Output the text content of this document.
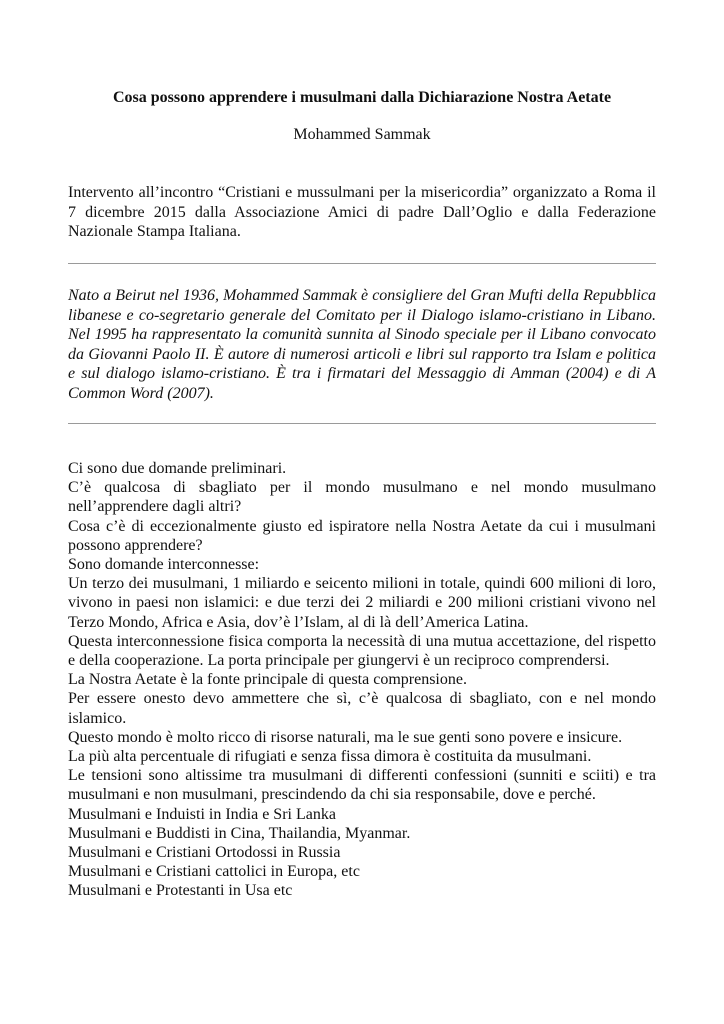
Cosa possono apprendere i musulmani dalla Dichiarazione Nostra Aetate
Mohammed Sammak

Intervento all’incontro “Cristiani e mussulmani per la misericordia” organizzato a Roma il 7 dicembre 2015 dalla Associazione Amici di padre Dall’Oglio e dalla Federazione Nazionale Stampa Italiana.

Nato a Beirut nel 1936, Mohammed Sammak è consigliere del Gran Mufti della Repubblica libanese e co-segretario generale del Comitato per il Dialogo islamo-cristiano in Libano. Nel 1995 ha rappresentato la comunità sunnita al Sinodo speciale per il Libano convocato da Giovanni Paolo II. È autore di numerosi articoli e libri sul rapporto tra Islam e politica e sul dialogo islamo-cristiano. È tra i firmatari del Messaggio di Amman (2004) e di A Common Word (2007).

Ci sono due domande preliminari.

C’è qualcosa di sbagliato per il mondo musulmano e nel mondo musulmano nell’apprendere dagli altri?

Cosa c’è di eccezionalmente giusto ed ispiratore nella Nostra Aetate da cui i musulmani possono apprendere?

Sono domande interconnesse:

Un terzo dei musulmani, 1 miliardo e seicento milioni in totale, quindi 600 milioni di loro, vivono in paesi non islamici: e due terzi dei 2 miliardi e 200 milioni cristiani vivono nel Terzo Mondo, Africa e Asia, dov’è l’Islam, al di là dell’America Latina.

Questa interconnessione fisica comporta la necessità di una mutua accettazione, del rispetto e della cooperazione. La porta principale per giungervi è un reciproco comprendersi.

La Nostra Aetate è la fonte principale di questa comprensione.

Per essere onesto devo ammettere che sì, c’è qualcosa di sbagliato, con e nel mondo islamico.

Questo mondo è molto ricco di risorse naturali, ma le sue genti sono povere e insicure.

La più alta percentuale di rifugiati e senza fissa dimora è costituita da musulmani.

Le tensioni sono altissime tra musulmani di differenti confessioni (sunniti e sciiti) e tra musulmani e non musulmani, prescindendo da chi sia responsabile, dove e perché.

Musulmani e Induisti in India e Sri Lanka

Musulmani e Buddisti in Cina, Thailandia, Myanmar.

Musulmani e Cristiani Ortodossi in Russia

Musulmani e Cristiani cattolici in Europa, etc

Musulmani e Protestanti in Usa etc
